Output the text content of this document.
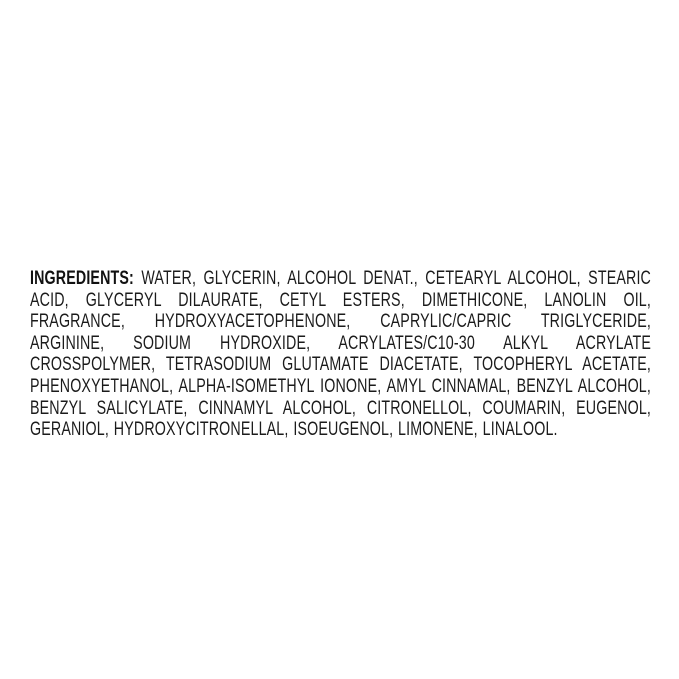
INGREDIENTS: WATER, GLYCERIN, ALCOHOL DENAT., CETEARYL ALCOHOL, STEARIC ACID, GLYCERYL DILAURATE, CETYL ESTERS, DIMETHICONE, LANOLIN OIL, FRAGRANCE, HYDROXYACETOPHENONE, CAPRYLIC/CAPRIC TRIGLYCERIDE, ARGININE, SODIUM HYDROXIDE, ACRYLATES/C10-30 ALKYL ACRYLATE CROSSPOLYMER, TETRASODIUM GLUTAMATE DIACETATE, TOCOPHERYL ACETATE, PHENOXYETHANOL, ALPHA-ISOMETHYL IONONE, AMYL CINNAMAL, BENZYL ALCOHOL, BENZYL SALICYLATE, CINNAMYL ALCOHOL, CITRONELLOL, COUMARIN, EUGENOL, GERANIOL, HYDROXYCITRONELLAL, ISOEUGENOL, LIMONENE, LINALOOL.
